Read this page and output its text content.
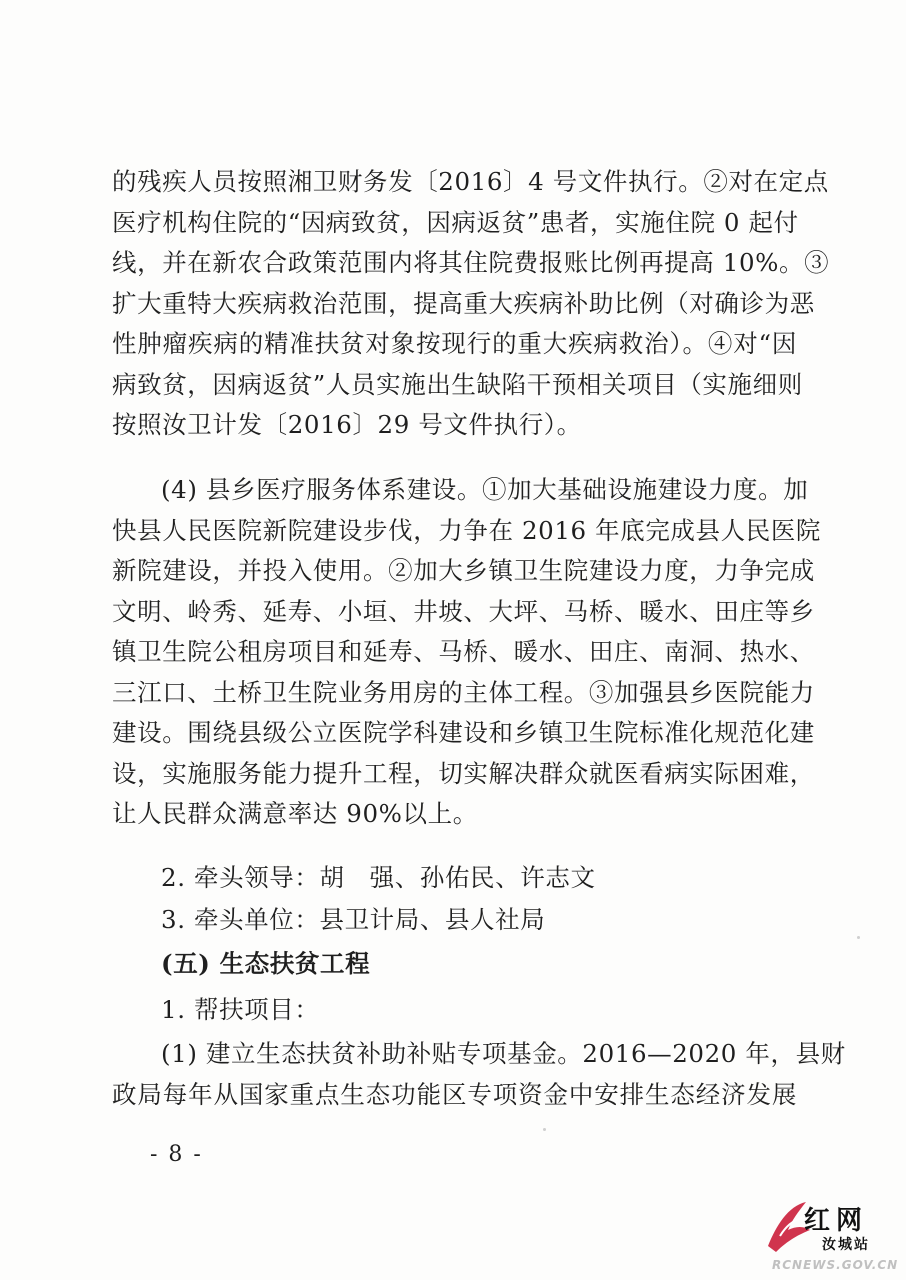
的残疾人员按照湘卫财务发〔2016〕4 号文件执行。②对在定点
医疗机构住院的“因病致贫，因病返贫”患者，实施住院 0 起付
线，并在新农合政策范围内将其住院费报账比例再提高 10%。③
扩大重特大疾病救治范围，提高重大疾病补助比例（对确诊为恶
性肿瘤疾病的精准扶贫对象按现行的重大疾病救治）。④对“因
病致贫，因病返贫”人员实施出生缺陷干预相关项目（实施细则
按照汝卫计发〔2016〕29 号文件执行）。
(4) 县乡医疗服务体系建设。①加大基础设施建设力度。加
快县人民医院新院建设步伐，力争在 2016 年底完成县人民医院
新院建设，并投入使用。②加大乡镇卫生院建设力度，力争完成
文明、岭秀、延寿、小垣、井坡、大坪、马桥、暖水、田庄等乡
镇卫生院公租房项目和延寿、马桥、暖水、田庄、南洞、热水、
三江口、土桥卫生院业务用房的主体工程。③加强县乡医院能力
建设。围绕县级公立医院学科建设和乡镇卫生院标准化规范化建
设，实施服务能力提升工程，切实解决群众就医看病实际困难，
让人民群众满意率达 90%以上。
2. 牵头领导：胡　强、孙佑民、许志文
3. 牵头单位：县卫计局、县人社局
(五) 生态扶贫工程
1. 帮扶项目：
(1) 建立生态扶贫补助补贴专项基金。2016—2020 年，县财
政局每年从国家重点生态功能区专项资金中安排生态经济发展
- 8 -
红网
汝城站
RCNEWS.GOV.CN
